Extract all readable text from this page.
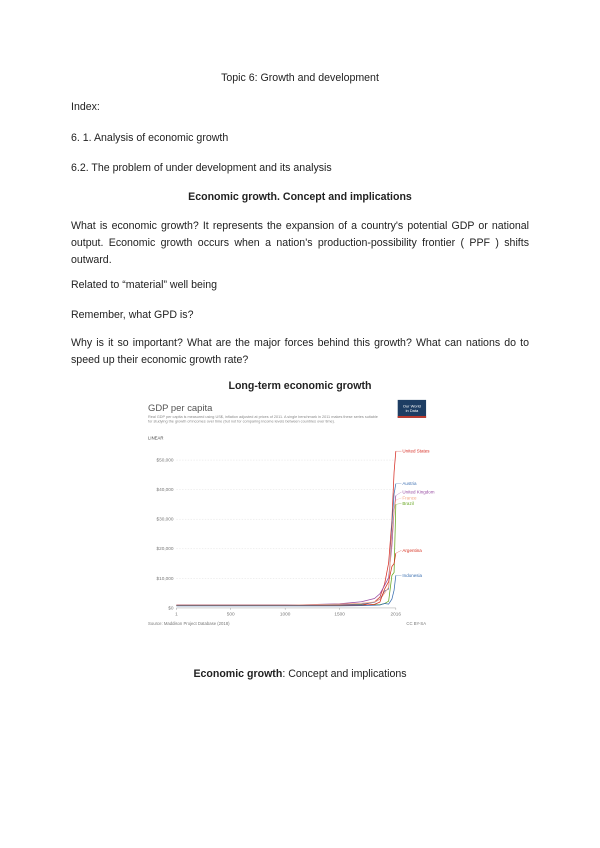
Topic 6: Growth and development

Index:

6. 1. Analysis of economic growth

6.2. The problem of under development and its analysis

Economic growth. Concept and implications

What is economic growth? It represents the expansion of a country's potential GDP or national output. Economic growth occurs when a nation's production-possibility frontier ( PPF ) shifts outward.

Related to “material” well being

Remember, what GPD is?

Why is it so important? What are the major forces behind this growth? What can nations do to speed up their economic growth rate?

Long-term economic growth

GDP per capita
Real GDP per capita is measured using US$, inflation adjusted at prices of 2011. A single benchmark in 2011 makes these series suitable for studying the growth of incomes over time (but not for comparing income levels between countries over time).
LINEAR
Our World
in Data
$0
$10,000
$20,000
$30,000
$40,000
$50,000
1	500	1000	1500	2016
United States
Austria
United Kingdom
France
Brazil
Argentina
Indonesia
Source: Maddison Project Database (2018)	CC BY-SA

Economic growth: Concept and implications
